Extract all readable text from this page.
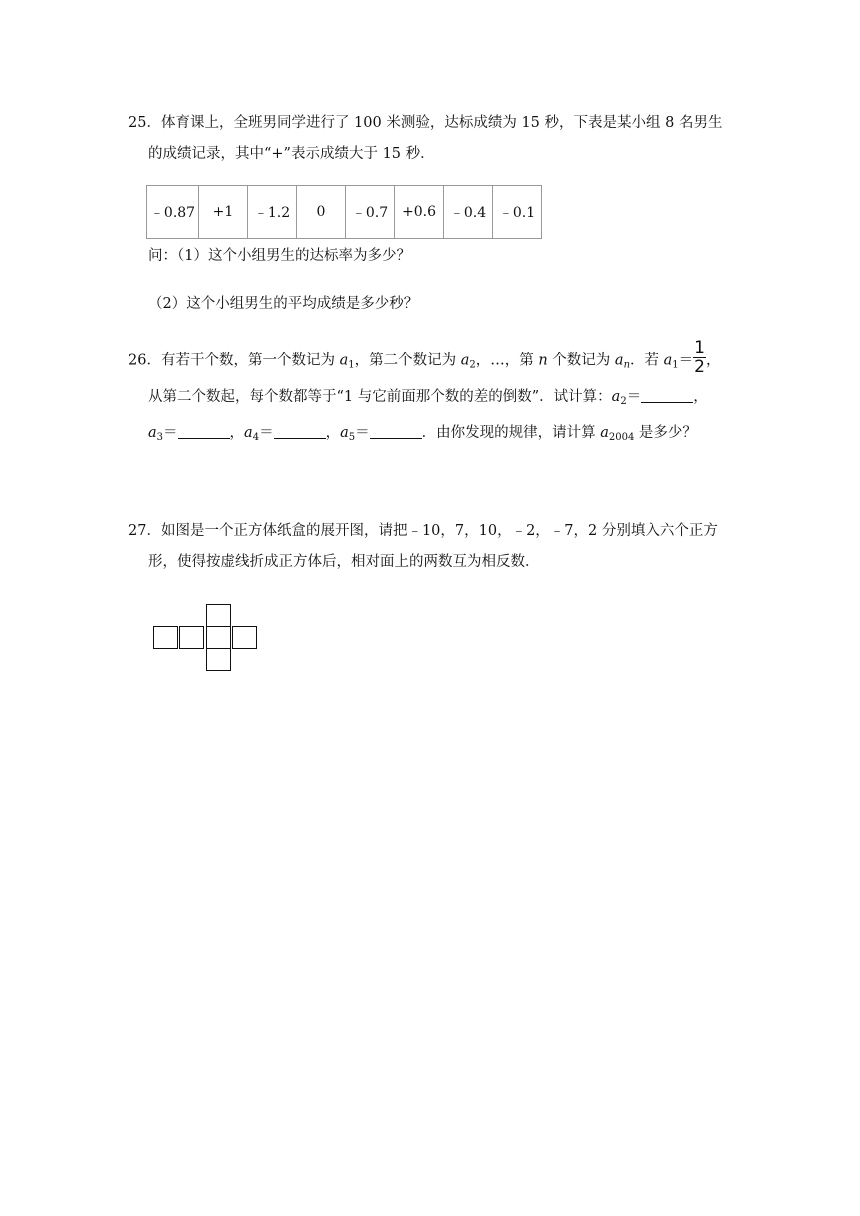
25．体育课上，全班男同学进行了 100 米测验，达标成绩为 15 秒，下表是某小组 8 名男生
的成绩记录，其中“+”表示成绩大于 15 秒．
﹣0.87	+1	﹣1.2	0	﹣0.7	+0.6	﹣0.4	﹣0.1
问：（1）这个小组男生的达标率为多少？
（2）这个小组男生的平均成绩是多少秒？
26．有若干个数，第一个数记为 $a_1$，第二个数记为 $a_2$，…，第 n 个数记为 $a_n$．若 $a_1= \frac{1}{2}$ ，
从第二个数起，每个数都等于“1 与它前面那个数的差的倒数”．试计算：$a_2=$	，
$a_3=$	，$a_4=$	，$a_5=$	．由你发现的规律，请计算 $a_{2004}$ 是多少？
27．如图是一个正方体纸盒的展开图，请把﹣10，7，10，﹣2，﹣7，2 分别填入六个正方
形，使得按虚线折成正方体后，相对面上的两数互为相反数．
